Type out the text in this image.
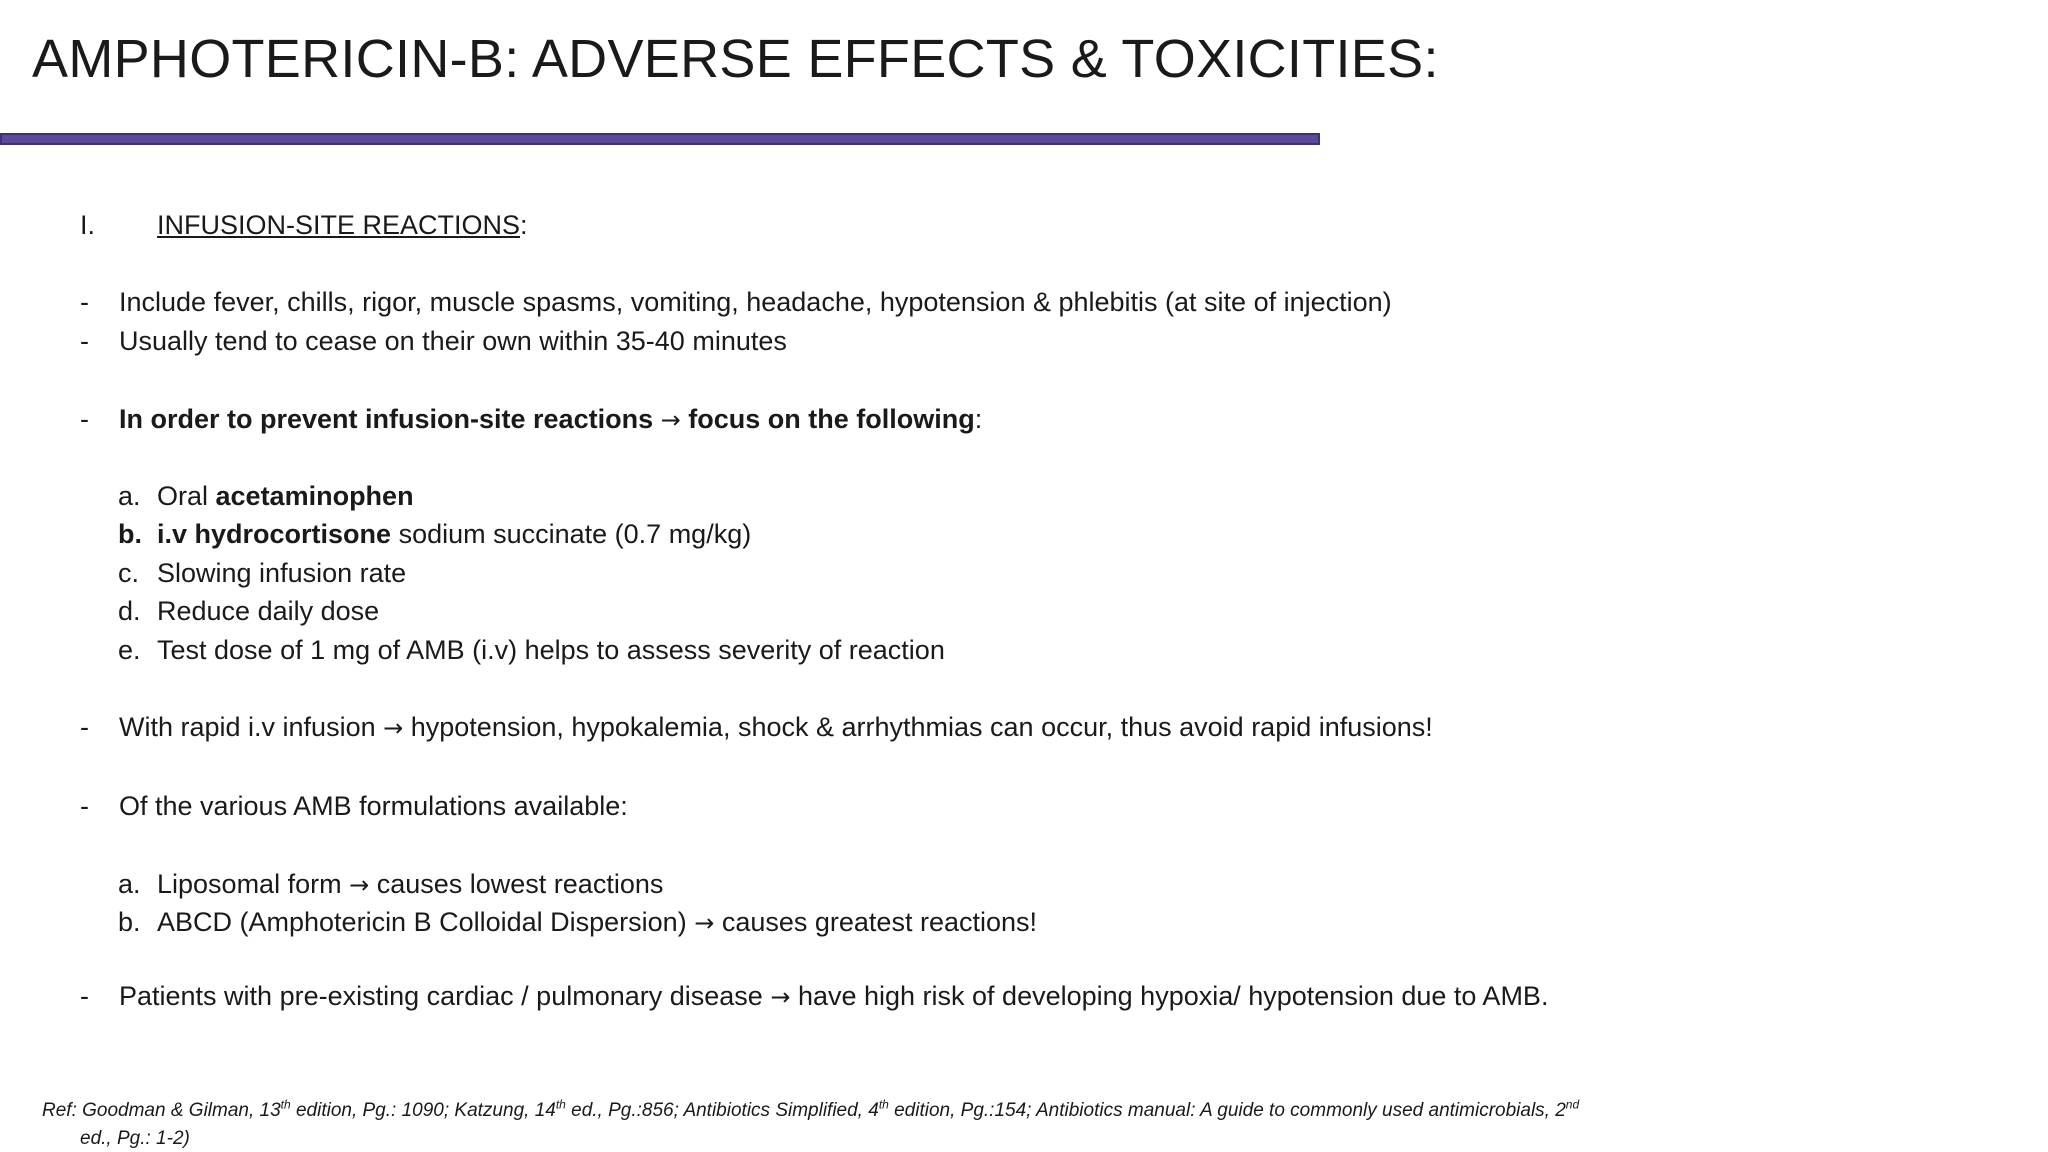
AMPHOTERICIN-B: ADVERSE EFFECTS & TOXICITIES:
I. INFUSION-SITE REACTIONS:
- Include fever, chills, rigor, muscle spasms, vomiting, headache, hypotension & phlebitis (at site of injection)
- Usually tend to cease on their own within 35-40 minutes
- In order to prevent infusion-site reactions → focus on the following:
a. Oral acetaminophen
b. i.v hydrocortisone sodium succinate (0.7 mg/kg)
c. Slowing infusion rate
d. Reduce daily dose
e. Test dose of 1 mg of AMB (i.v) helps to assess severity of reaction
- With rapid i.v infusion → hypotension, hypokalemia, shock & arrhythmias can occur, thus avoid rapid infusions!
- Of the various AMB formulations available:
a. Liposomal form → causes lowest reactions
b. ABCD (Amphotericin B Colloidal Dispersion) → causes greatest reactions!
- Patients with pre-existing cardiac / pulmonary disease → have high risk of developing hypoxia/ hypotension due to AMB.
Ref: Goodman & Gilman, 13th edition, Pg.: 1090; Katzung, 14th ed., Pg.:856; Antibiotics Simplified, 4th edition, Pg.:154; Antibiotics manual: A guide to commonly used antimicrobials, 2nd
ed., Pg.: 1-2)
